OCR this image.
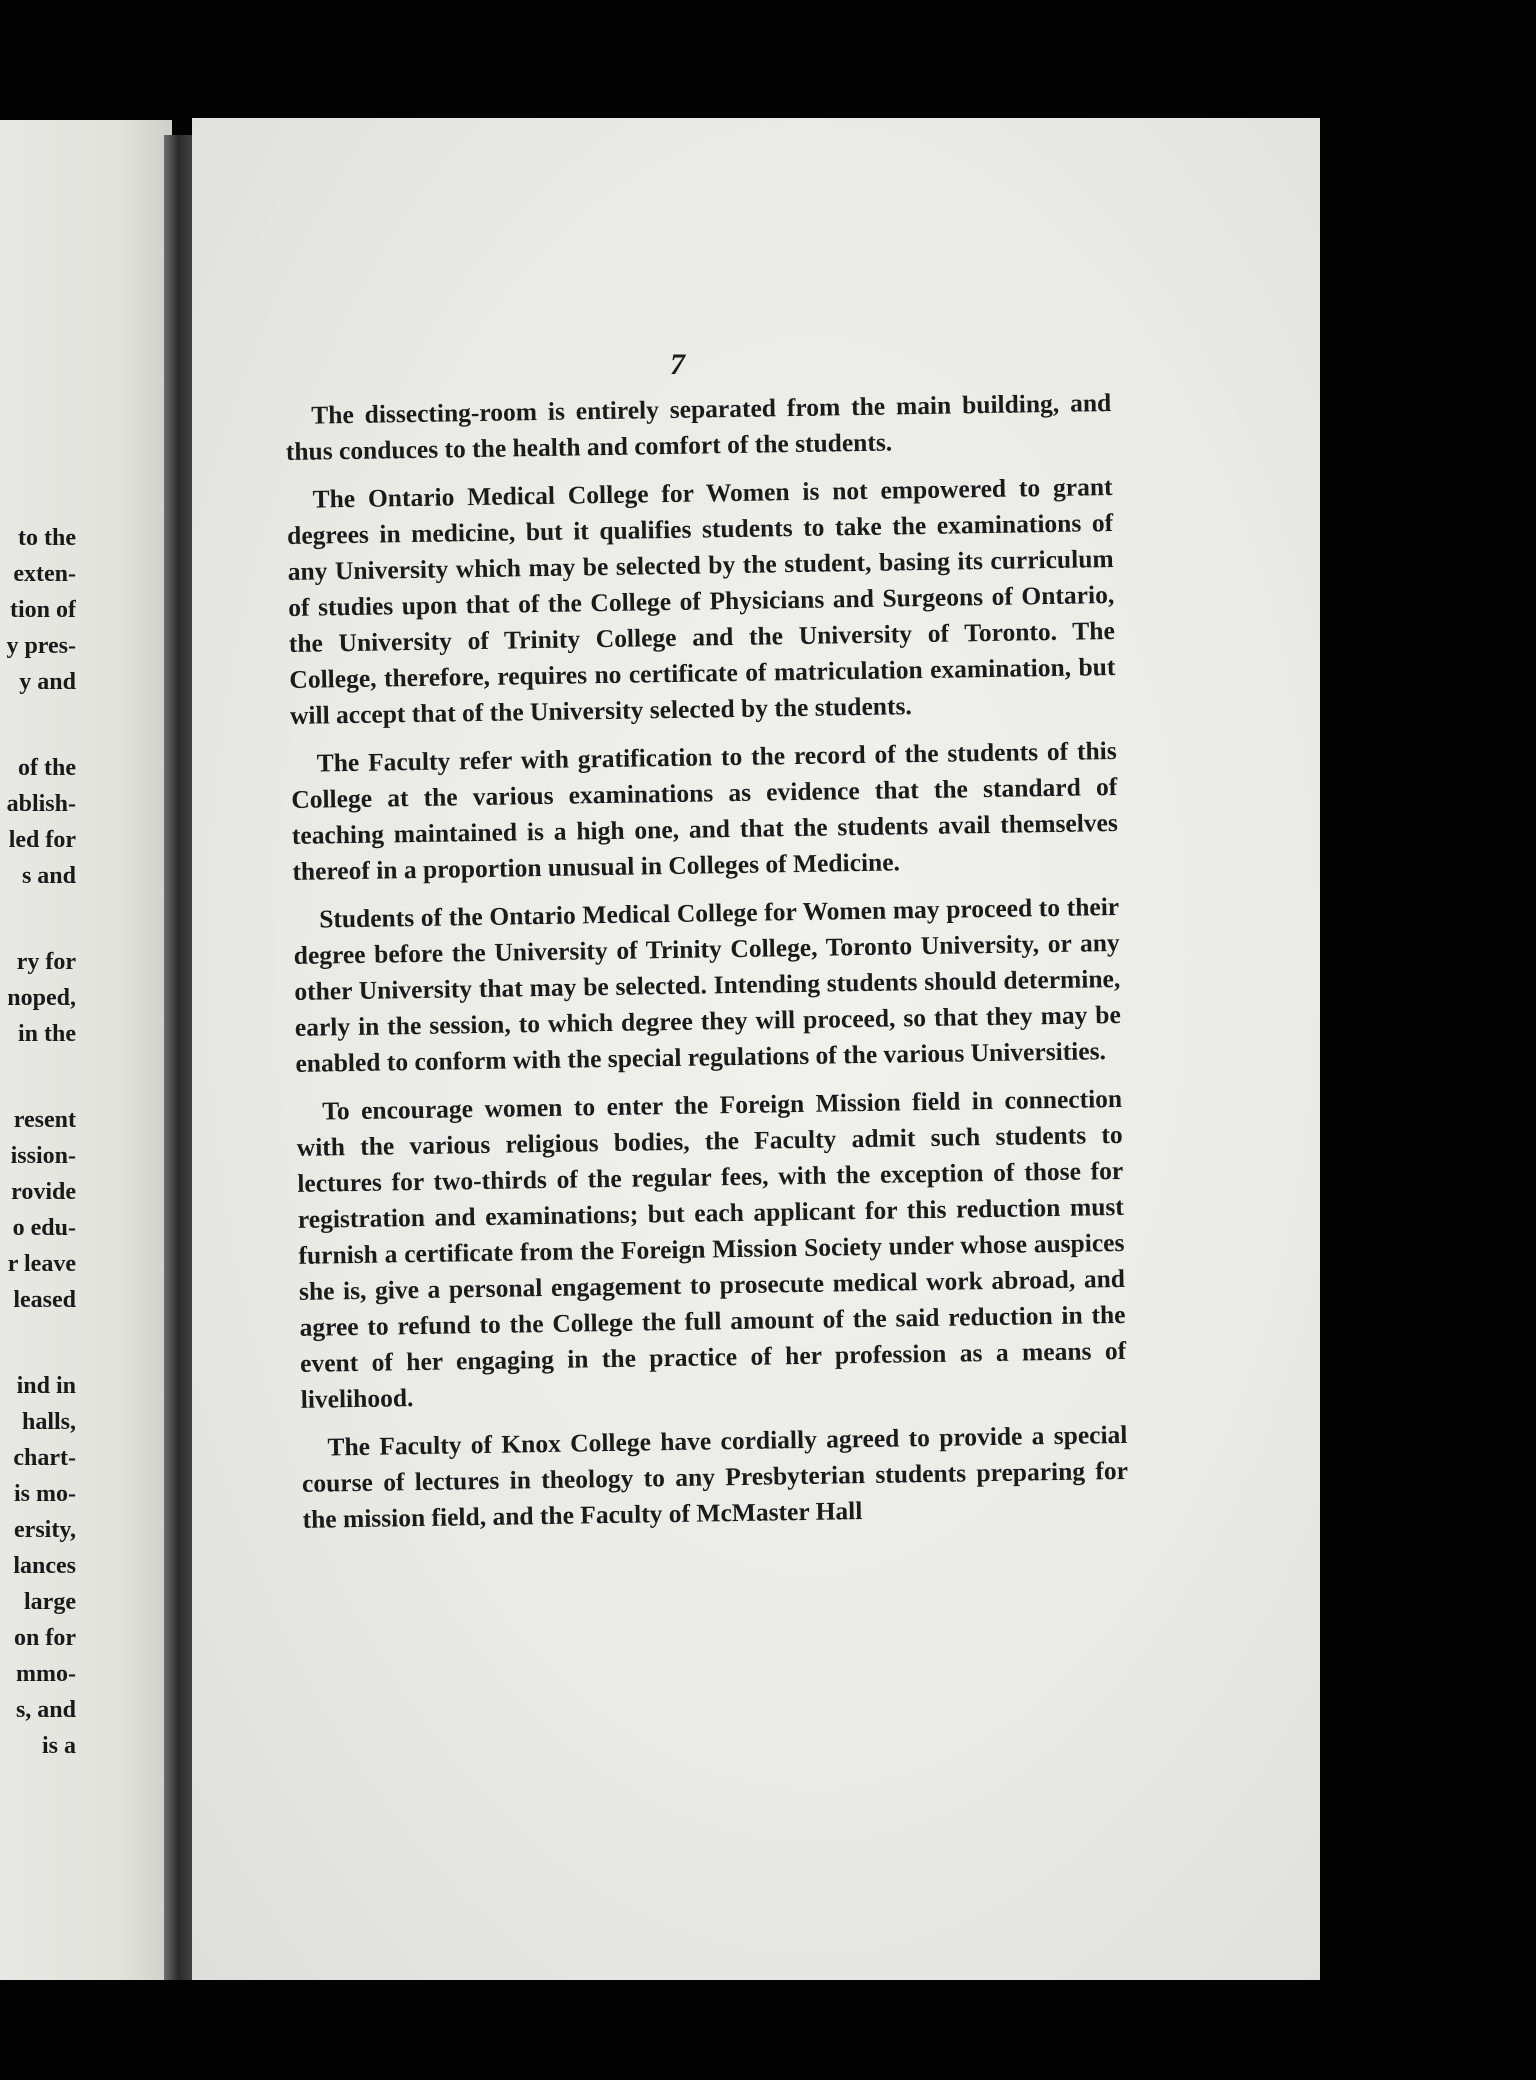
to the
exten-
tion of
y pres-
y and
of the
ablish-
led for
s and
ry for
noped,
in the
resent
ission-
rovide
o edu-
r leave
leased
ind in
halls,
chart-
is mo-
ersity,
lances
large
on for
mmo-
s, and
is a
7

The dissecting-room is entirely separated from the main building, and thus conduces to the health and comfort of the students.

The Ontario Medical College for Women is not empowered to grant degrees in medicine, but it qualifies students to take the examinations of any University which may be selected by the student, basing its curriculum of studies upon that of the College of Physicians and Surgeons of Ontario, the University of Trinity College and the University of Toronto. The College, therefore, requires no certificate of matriculation examination, but will accept that of the University selected by the students.

The Faculty refer with gratification to the record of the students of this College at the various examinations as evidence that the standard of teaching maintained is a high one, and that the students avail themselves thereof in a proportion unusual in Colleges of Medicine.

Students of the Ontario Medical College for Women may proceed to their degree before the University of Trinity College, Toronto University, or any other University that may be selected. Intending students should determine, early in the session, to which degree they will proceed, so that they may be enabled to conform with the special regulations of the various Universities.

To encourage women to enter the Foreign Mission field in connection with the various religious bodies, the Faculty admit such students to lectures for two-thirds of the regular fees, with the exception of those for registration and examinations; but each applicant for this reduction must furnish a certificate from the Foreign Mission Society under whose auspices she is, give a personal engagement to prosecute medical work abroad, and agree to refund to the College the full amount of the said reduction in the event of her engaging in the practice of her profession as a means of livelihood.

The Faculty of Knox College have cordially agreed to provide a special course of lectures in theology to any Presbyterian students preparing for the mission field, and the Faculty of McMaster Hall
